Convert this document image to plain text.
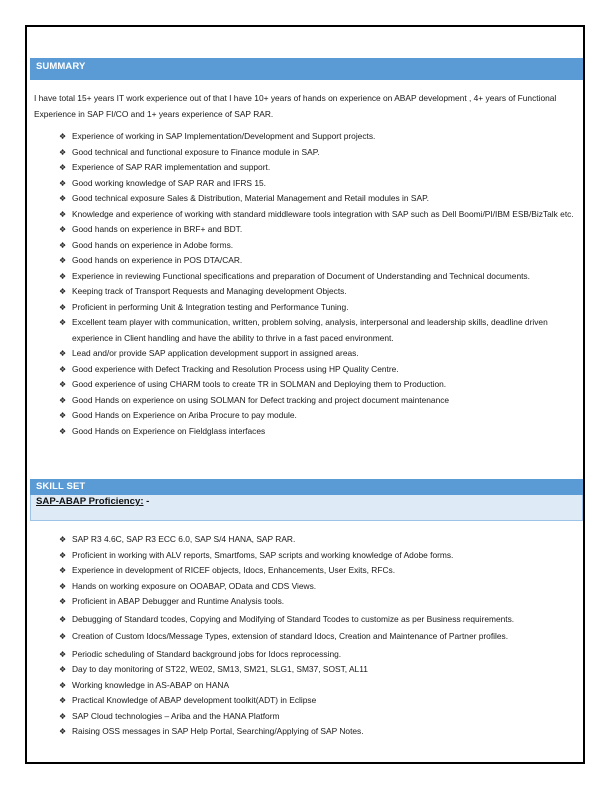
SUMMARY
I have total 15+ years IT work experience out of that I have 10+ years of hands on experience on ABAP development , 4+ years of Functional Experience in SAP FI/CO and 1+ years experience of SAP RAR.
❖ Experience of working in SAP Implementation/Development and Support projects.
❖ Good technical and functional exposure to Finance module in SAP.
❖ Experience of SAP RAR implementation and support.
❖ Good working knowledge of SAP RAR and IFRS 15.
❖ Good technical exposure Sales & Distribution, Material Management and Retail modules in SAP.
❖ Knowledge and experience of working with standard middleware tools integration with SAP such as Dell Boomi/PI/IBM ESB/BizTalk etc.
❖ Good hands on experience in BRF+ and BDT.
❖ Good hands on experience in Adobe forms.
❖ Good hands on experience in POS DTA/CAR.
❖ Experience in reviewing Functional specifications and preparation of Document of Understanding and Technical documents.
❖ Keeping track of Transport Requests and Managing development Objects.
❖ Proficient in performing Unit & Integration testing and Performance Tuning.
❖ Excellent team player with communication, written, problem solving, analysis, interpersonal and leadership skills, deadline driven experience in Client handling and have the ability to thrive in a fast paced environment.
❖ Lead and/or provide SAP application development support in assigned areas.
❖ Good experience with Defect Tracking and Resolution Process using HP Quality Centre.
❖ Good experience of using CHARM tools to create TR in SOLMAN and Deploying them to Production.
❖ Good Hands on experience on using SOLMAN for Defect tracking and project document maintenance
❖ Good Hands on Experience on Ariba Procure to pay module.
❖ Good Hands on Experience on Fieldglass interfaces
SKILL SET
SAP-ABAP Proficiency: -
❖ SAP R3 4.6C, SAP R3 ECC 6.0, SAP S/4 HANA, SAP RAR.
❖ Proficient in working with ALV reports, Smartfoms, SAP scripts and working knowledge of Adobe forms.
❖ Experience in development of RICEF objects, Idocs, Enhancements, User Exits, RFCs.
❖ Hands on working exposure on OOABAP, OData and CDS Views.
❖ Proficient in ABAP Debugger and Runtime Analysis tools.
❖ Debugging of Standard tcodes, Copying and Modifying of Standard Tcodes to customize as per Business requirements.
❖ Creation of Custom Idocs/Message Types, extension of standard Idocs, Creation and Maintenance of Partner profiles.
❖ Periodic scheduling of Standard background jobs for Idocs reprocessing.
❖ Day to day monitoring of ST22, WE02, SM13, SM21, SLG1, SM37, SOST, AL11
❖ Working knowledge in AS-ABAP on HANA
❖ Practical Knowledge of ABAP development toolkit(ADT) in Eclipse
❖ SAP Cloud technologies – Ariba and the HANA Platform
❖ Raising OSS messages in SAP Help Portal, Searching/Applying of SAP Notes.
